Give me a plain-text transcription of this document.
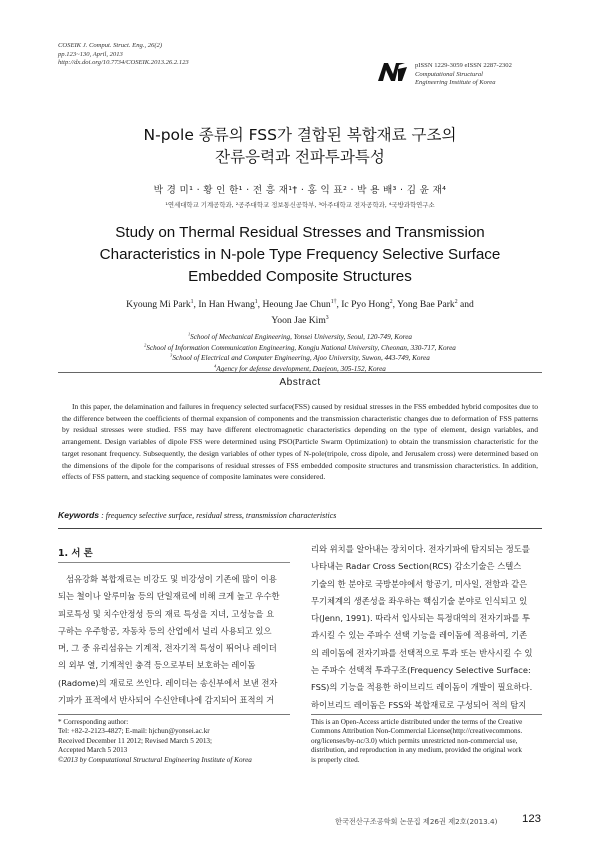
COSEIK J. Comput. Struct. Eng., 26(2)
pp.123~130, April, 2013
http://dx.doi.org/10.7734/COSEIK.2013.26.2.123	pISSN 1229-3059 eISSN 2287-2302
Computational Structural
Engineering Institute of Korea
N-pole 종류의 FSS가 결합된 복합재료 구조의
잔류응력과 전파투과특성
박 경 미¹ · 황 인 한¹ · 전 흥 재¹† · 홍 익 표² · 박 용 배³ · 김 윤 재⁴
¹연세대학교 기계공학과, ²공주대학교 정보통신공학부, ³아주대학교 전자공학과, ⁴국방과학연구소
Study on Thermal Residual Stresses and Transmission
Characteristics in N-pole Type Frequency Selective Surface
Embedded Composite Structures
Kyoung Mi Park$^1$, In Han Hwang$^1$, Heoung Jae Chun$^{1\dagger}$, Ic Pyo Hong$^2$, Yong Bae Park$^2$ and
Yoon Jae Kim$^3$
$^1$School of Mechanical Engineering, Yonsei University, Seoul, 120-749, Korea
$^2$School of Information Communication Engineering, Kongju National University, Cheonan, 330-717, Korea
$^3$School of Electrical and Computer Engineering, Ajoo University, Suwon, 443-749, Korea
$^4$Agency for defense development, Daejeon, 305-152, Korea
Abstract
In this paper, the delamination and failures in frequency selected surface(FSS) caused by residual stresses in the FSS embedded hybrid composites due to the difference between the coefficients of thermal expansion of components and the transmission characteristic changes due to deformation of FSS patterns by residual stresses were studied. FSS may have different electromagnetic characteristics depending on the type of element, design variables, and arrangement. Design variables of dipole FSS were determined using PSO(Particle Swarm Optimization) to obtain the transmission characteristic for the target resonant frequency. Subsequently, the design variables of other types of N-pole(tripole, cross dipole, and Jerusalem cross) were determined based on the dimensions of the dipole for the comparisons of residual stresses of FSS embedded composite structures and transmission characteristics. In addition, effects of FSS pattern, and stacking sequence of composite laminates were considered.
Keywords : frequency selective surface, residual stress, transmission characteristics
1. 서 론
섬유강화 복합재료는 비강도 및 비강성이 기존에 많이 이용
되는 철이나 알루미늄 등의 단일재료에 비해 크게 높고 우수한
피로특성 및 치수안정성 등의 재료 특성을 지녀, 고성능을 요
구하는 우주항공, 자동차 등의 산업에서 널리 사용되고 있으
며, 그 중 유리섬유는 기계적, 전자기적 특성이 뛰어나 레이더
의 외부 열, 기계적인 충격 등으로부터 보호하는 레이돔
(Radome)의 재료로 쓰인다. 레이더는 송신부에서 보낸 전자
기파가 표적에서 반사되어 수신안테나에 감지되어 표적의 거
리와 위치를 알아내는 장치이다. 전자기파에 탐지되는 정도를
나타내는 Radar Cross Section(RCS) 감소기술은 스텔스
기술의 한 분야로 국방분야에서 항공기, 미사일, 전함과 같은
무기체계의 생존성을 좌우하는 핵심기술 분야로 인식되고 있
다(Jenn, 1991). 따라서 입사되는 특정대역의 전자기파를 투
과시킬 수 있는 주파수 선택 기능을 레이돔에 적용하여, 기존
의 레이돔에 전자기파를 선택적으로 투과 또는 반사시킬 수 있
는 주파수 선택적 투과구조(Frequency Selective Surface:
FSS)의 기능을 적용한 하이브리드 레이돔이 개발이 필요하다.
하이브리드 레이돔은 FSS와 복합재료로 구성되어 적의 탐지
* Corresponding author:
Tel: +82-2-2123-4827; E-mail: hjchun@yonsei.ac.kr
Received December 11 2012; Revised March 5 2013;
Accepted March 5 2013
©2013 by Computational Structural Engineering Institute of Korea
This is an Open-Access article distributed under the terms of the Creative
Commons Attribution Non-Commercial License(http://creativecommons.
org/licenses/by-nc/3.0) which permits unrestricted non-commercial use,
distribution, and reproduction in any medium, provided the original work
is properly cited.
한국전산구조공학회 논문집 제26권 제2호(2013.4) 123
